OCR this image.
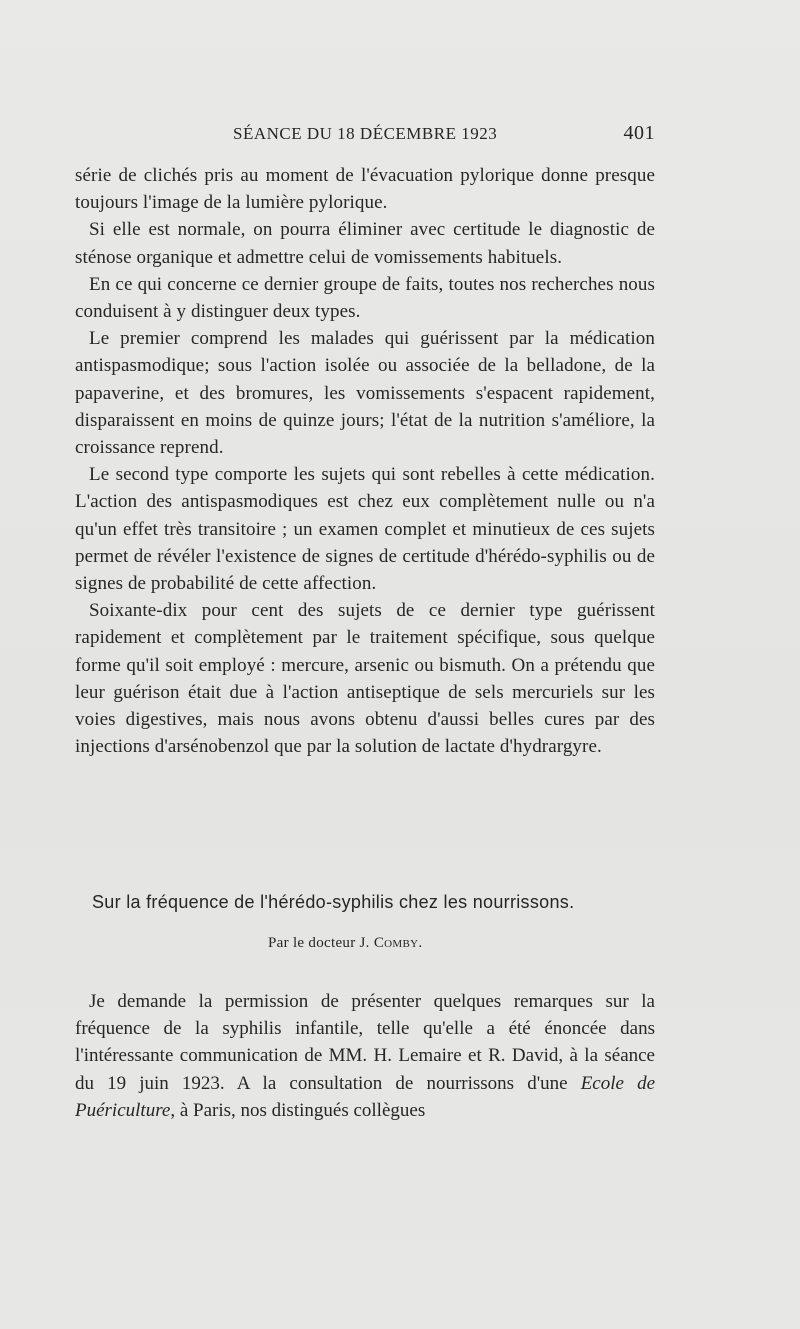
SÉANCE DU 18 DÉCEMBRE 1923	401

série de clichés pris au moment de l'évacuation pylorique donne presque toujours l'image de la lumière pylorique.

Si elle est normale, on pourra éliminer avec certitude le diagnostic de sténose organique et admettre celui de vomissements habituels.

En ce qui concerne ce dernier groupe de faits, toutes nos recherches nous conduisent à y distinguer deux types.

Le premier comprend les malades qui guérissent par la médication antispasmodique; sous l'action isolée ou associée de la belladone, de la papaverine, et des bromures, les vomissements s'espacent rapidement, disparaissent en moins de quinze jours; l'état de la nutrition s'améliore, la croissance reprend.

Le second type comporte les sujets qui sont rebelles à cette médication. L'action des antispasmodiques est chez eux complètement nulle ou n'a qu'un effet très transitoire ; un examen complet et minutieux de ces sujets permet de révéler l'existence de signes de certitude d'hérédo-syphilis ou de signes de probabilité de cette affection.

Soixante-dix pour cent des sujets de ce dernier type guérissent rapidement et complètement par le traitement spécifique, sous quelque forme qu'il soit employé : mercure, arsenic ou bismuth. On a prétendu que leur guérison était due à l'action antiseptique de sels mercuriels sur les voies digestives, mais nous avons obtenu d'aussi belles cures par des injections d'arsénobenzol que par la solution de lactate d'hydrargyre.

Sur la fréquence de l'hérédo-syphilis chez les nourrissons.
Par le docteur J. Comby.

Je demande la permission de présenter quelques remarques sur la fréquence de la syphilis infantile, telle qu'elle a été énoncée dans l'intéressante communication de MM. H. Lemaire et R. David, à la séance du 19 juin 1923. A la consultation de nourrissons d'une Ecole de Puériculture, à Paris, nos distingués collègues
